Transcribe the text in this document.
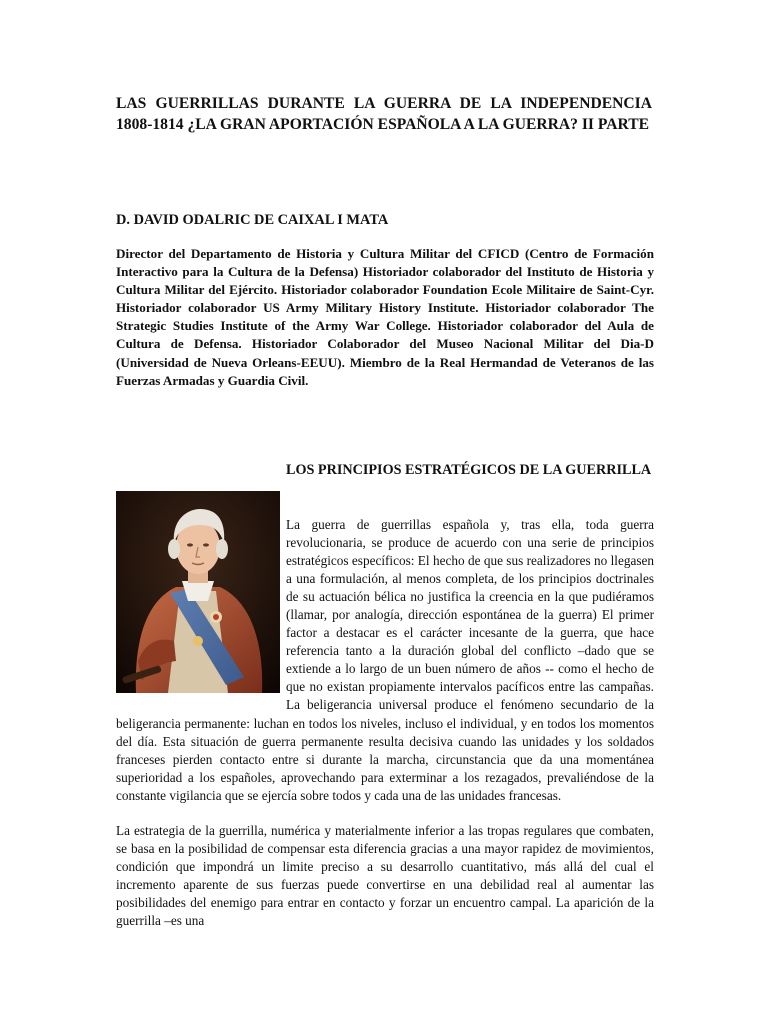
LAS GUERRILLAS DURANTE LA GUERRA DE LA INDEPENDENCIA 1808-1814 ¿LA GRAN APORTACIÓN ESPAÑOLA A LA GUERRA? II PARTE
D. DAVID ODALRIC DE CAIXAL I MATA

Director del Departamento de Historia y Cultura Militar del CFICD (Centro de Formación Interactivo para la Cultura de la Defensa) Historiador colaborador del Instituto de Historia y Cultura Militar del Ejército. Historiador colaborador Foundation Ecole Militaire de Saint-Cyr. Historiador colaborador US Army Military History Institute. Historiador colaborador The Strategic Studies Institute of the Army War College. Historiador colaborador del Aula de Cultura de Defensa. Historiador Colaborador del Museo Nacional Militar del Dia-D (Universidad de Nueva Orleans-EEUU). Miembro de la Real Hermandad de Veteranos de las Fuerzas Armadas y Guardia Civil.

LOS PRINCIPIOS ESTRATÉGICOS DE LA GUERRILLA

La guerra de guerrillas española y, tras ella, toda guerra revolucionaria, se produce de acuerdo con una serie de principios estratégicos específicos: El hecho de que sus realizadores no llegasen a una formulación, al menos completa, de los principios doctrinales de su actuación bélica no justifica la creencia en la que pudiéramos (llamar, por analogía, dirección espontánea de la guerra) El primer factor a destacar es el carácter incesante de la guerra, que hace referencia tanto a la duración global del conflicto –dado que se extiende a lo largo de un buen número de años -- como el hecho de que no existan propiamente intervalos pacíficos entre las campañas. La beligerancia universal produce el fenómeno secundario de la beligerancia permanente: luchan en todos los niveles, incluso el individual, y en todos los momentos del día. Esta situación de guerra permanente resulta decisiva cuando las unidades y los soldados franceses pierden contacto entre si durante la marcha, circunstancia que da una momentánea superioridad a los españoles, aprovechando para exterminar a los rezagados, prevaliéndose de la constante vigilancia que se ejercía sobre todos y cada una de las unidades francesas.

La estrategia de la guerrilla, numérica y materialmente inferior a las tropas regulares que combaten, se basa en la posibilidad de compensar esta diferencia gracias a una mayor rapidez de movimientos, condición que impondrá un limite preciso a su desarrollo cuantitativo, más allá del cual el incremento aparente de sus fuerzas puede convertirse en una debilidad real al aumentar las posibilidades del enemigo para entrar en contacto y forzar un encuentro campal. La aparición de la guerrilla –es una
